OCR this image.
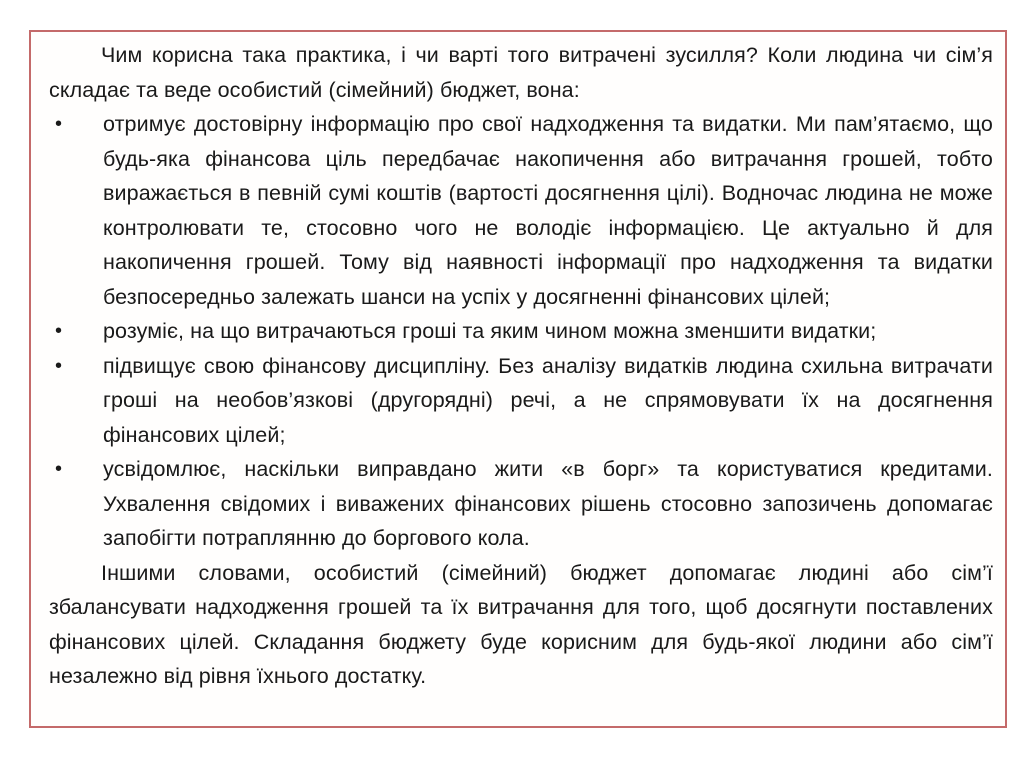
Чим корисна така практика, і чи варті того витрачені зусилля? Коли людина чи сім’я складає та веде особистий (сімейний) бюджет, вона:

•	отримує достовірну інформацію про свої надходження та видатки. Ми пам’ятаємо, що будь-яка фінансова ціль передбачає накопичення або витрачання грошей, тобто виражається в певній сумі коштів (вартості досягнення цілі). Водночас людина не може контролювати те, стосовно чого не володіє інформацією. Це актуально й для накопичення грошей. Тому від наявності інформації про надходження та видатки безпосередньо залежать шанси на успіх у досягненні фінансових цілей;
•	розуміє, на що витрачаються гроші та яким чином можна зменшити видатки;
•	підвищує свою фінансову дисципліну. Без аналізу видатків людина схильна витрачати гроші на необов’язкові (другорядні) речі, а не спрямовувати їх на досягнення фінансових цілей;
•	усвідомлює, наскільки виправдано жити «в борг» та користуватися кредитами. Ухвалення свідомих і виважених фінансових рішень стосовно запозичень допомагає запобігти потраплянню до боргового кола.

Іншими словами, особистий (сімейний) бюджет допомагає людині або сім’ї збалансувати надходження грошей та їх витрачання для того, щоб досягнути поставлених фінансових цілей. Складання бюджету буде корисним для будь-якої людини або сім’ї незалежно від рівня їхнього достатку.
